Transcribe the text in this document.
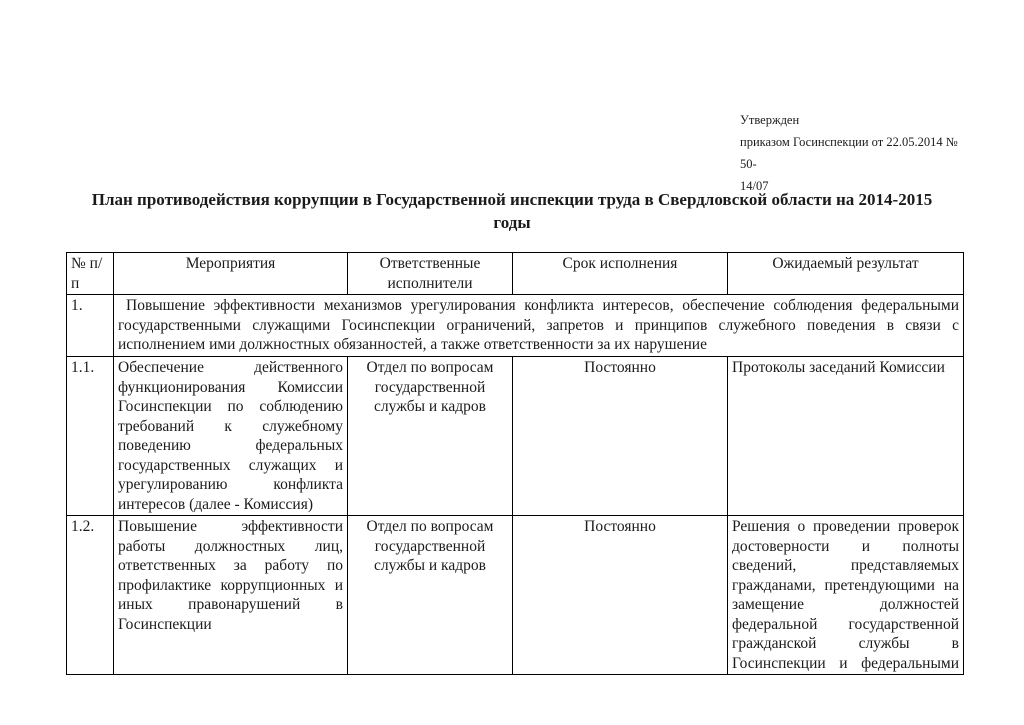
Утвержден
приказом Госинспекции от 22.05.2014 № 50-
14/07
План противодействия коррупции в Государственной инспекции труда в Свердловской области на 2014-2015 годы
№ п/п	Мероприятия	Ответственные исполнители	Срок исполнения	Ожидаемый результат
1.	Повышение эффективности механизмов урегулирования конфликта интересов, обеспечение соблюдения федеральными государственными служащими Госинспекции ограничений, запретов и принципов служебного поведения в связи с исполнением ими должностных обязанностей, а также ответственности за их нарушение			
1.1.	Обеспечение действенного функционирования Комиссии Госинспекции по соблюдению требований к служебному поведению федеральных государственных служащих и урегулированию конфликта интересов (далее - Комиссия)	Отдел по вопросам государственной службы и кадров	Постоянно	Протоколы заседаний Комиссии
1.2.	Повышение эффективности работы должностных лиц, ответственных за работу по профилактике коррупционных и иных правонарушений в Госинспекции	Отдел по вопросам государственной службы и кадров	Постоянно	Решения о проведении проверок достоверности и полноты сведений, представляемых гражданами, претендующими на замещение должностей федеральной государственной гражданской службы в Госинспекции и федеральными
